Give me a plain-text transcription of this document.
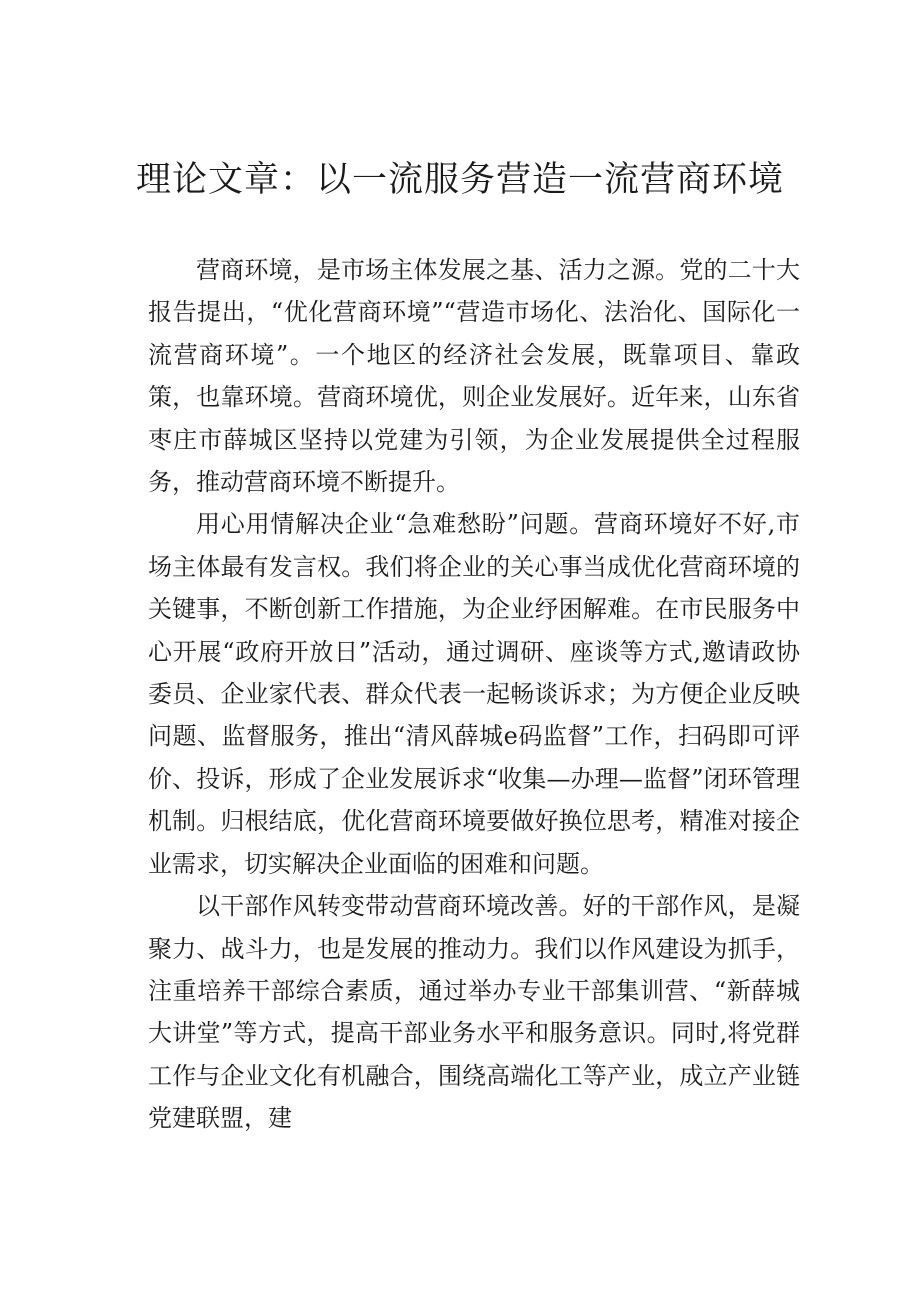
理论文章：以一流服务营造一流营商环境

营商环境，是市场主体发展之基、活力之源。党的二十大报告提出，“优化营商环境”“营造市场化、法治化、国际化一流营商环境”。一个地区的经济社会发展，既靠项目、靠政策，也靠环境。营商环境优，则企业发展好。近年来，山东省枣庄市薛城区坚持以党建为引领，为企业发展提供全过程服务，推动营商环境不断提升。

用心用情解决企业“急难愁盼”问题。营商环境好不好,市场主体最有发言权。我们将企业的关心事当成优化营商环境的关键事，不断创新工作措施，为企业纾困解难。在市民服务中心开展“政府开放日”活动，通过调研、座谈等方式,邀请政协委员、企业家代表、群众代表一起畅谈诉求；为方便企业反映问题、监督服务，推出“清风薛城e码监督”工作，扫码即可评价、投诉，形成了企业发展诉求“收集—办理—监督”闭环管理机制。归根结底，优化营商环境要做好换位思考，精准对接企业需求，切实解决企业面临的困难和问题。

以干部作风转变带动营商环境改善。好的干部作风，是凝聚力、战斗力，也是发展的推动力。我们以作风建设为抓手，注重培养干部综合素质，通过举办专业干部集训营、“新薛城大讲堂”等方式，提高干部业务水平和服务意识。同时,将党群工作与企业文化有机融合，围绕高端化工等产业，成立产业链党建联盟，建
